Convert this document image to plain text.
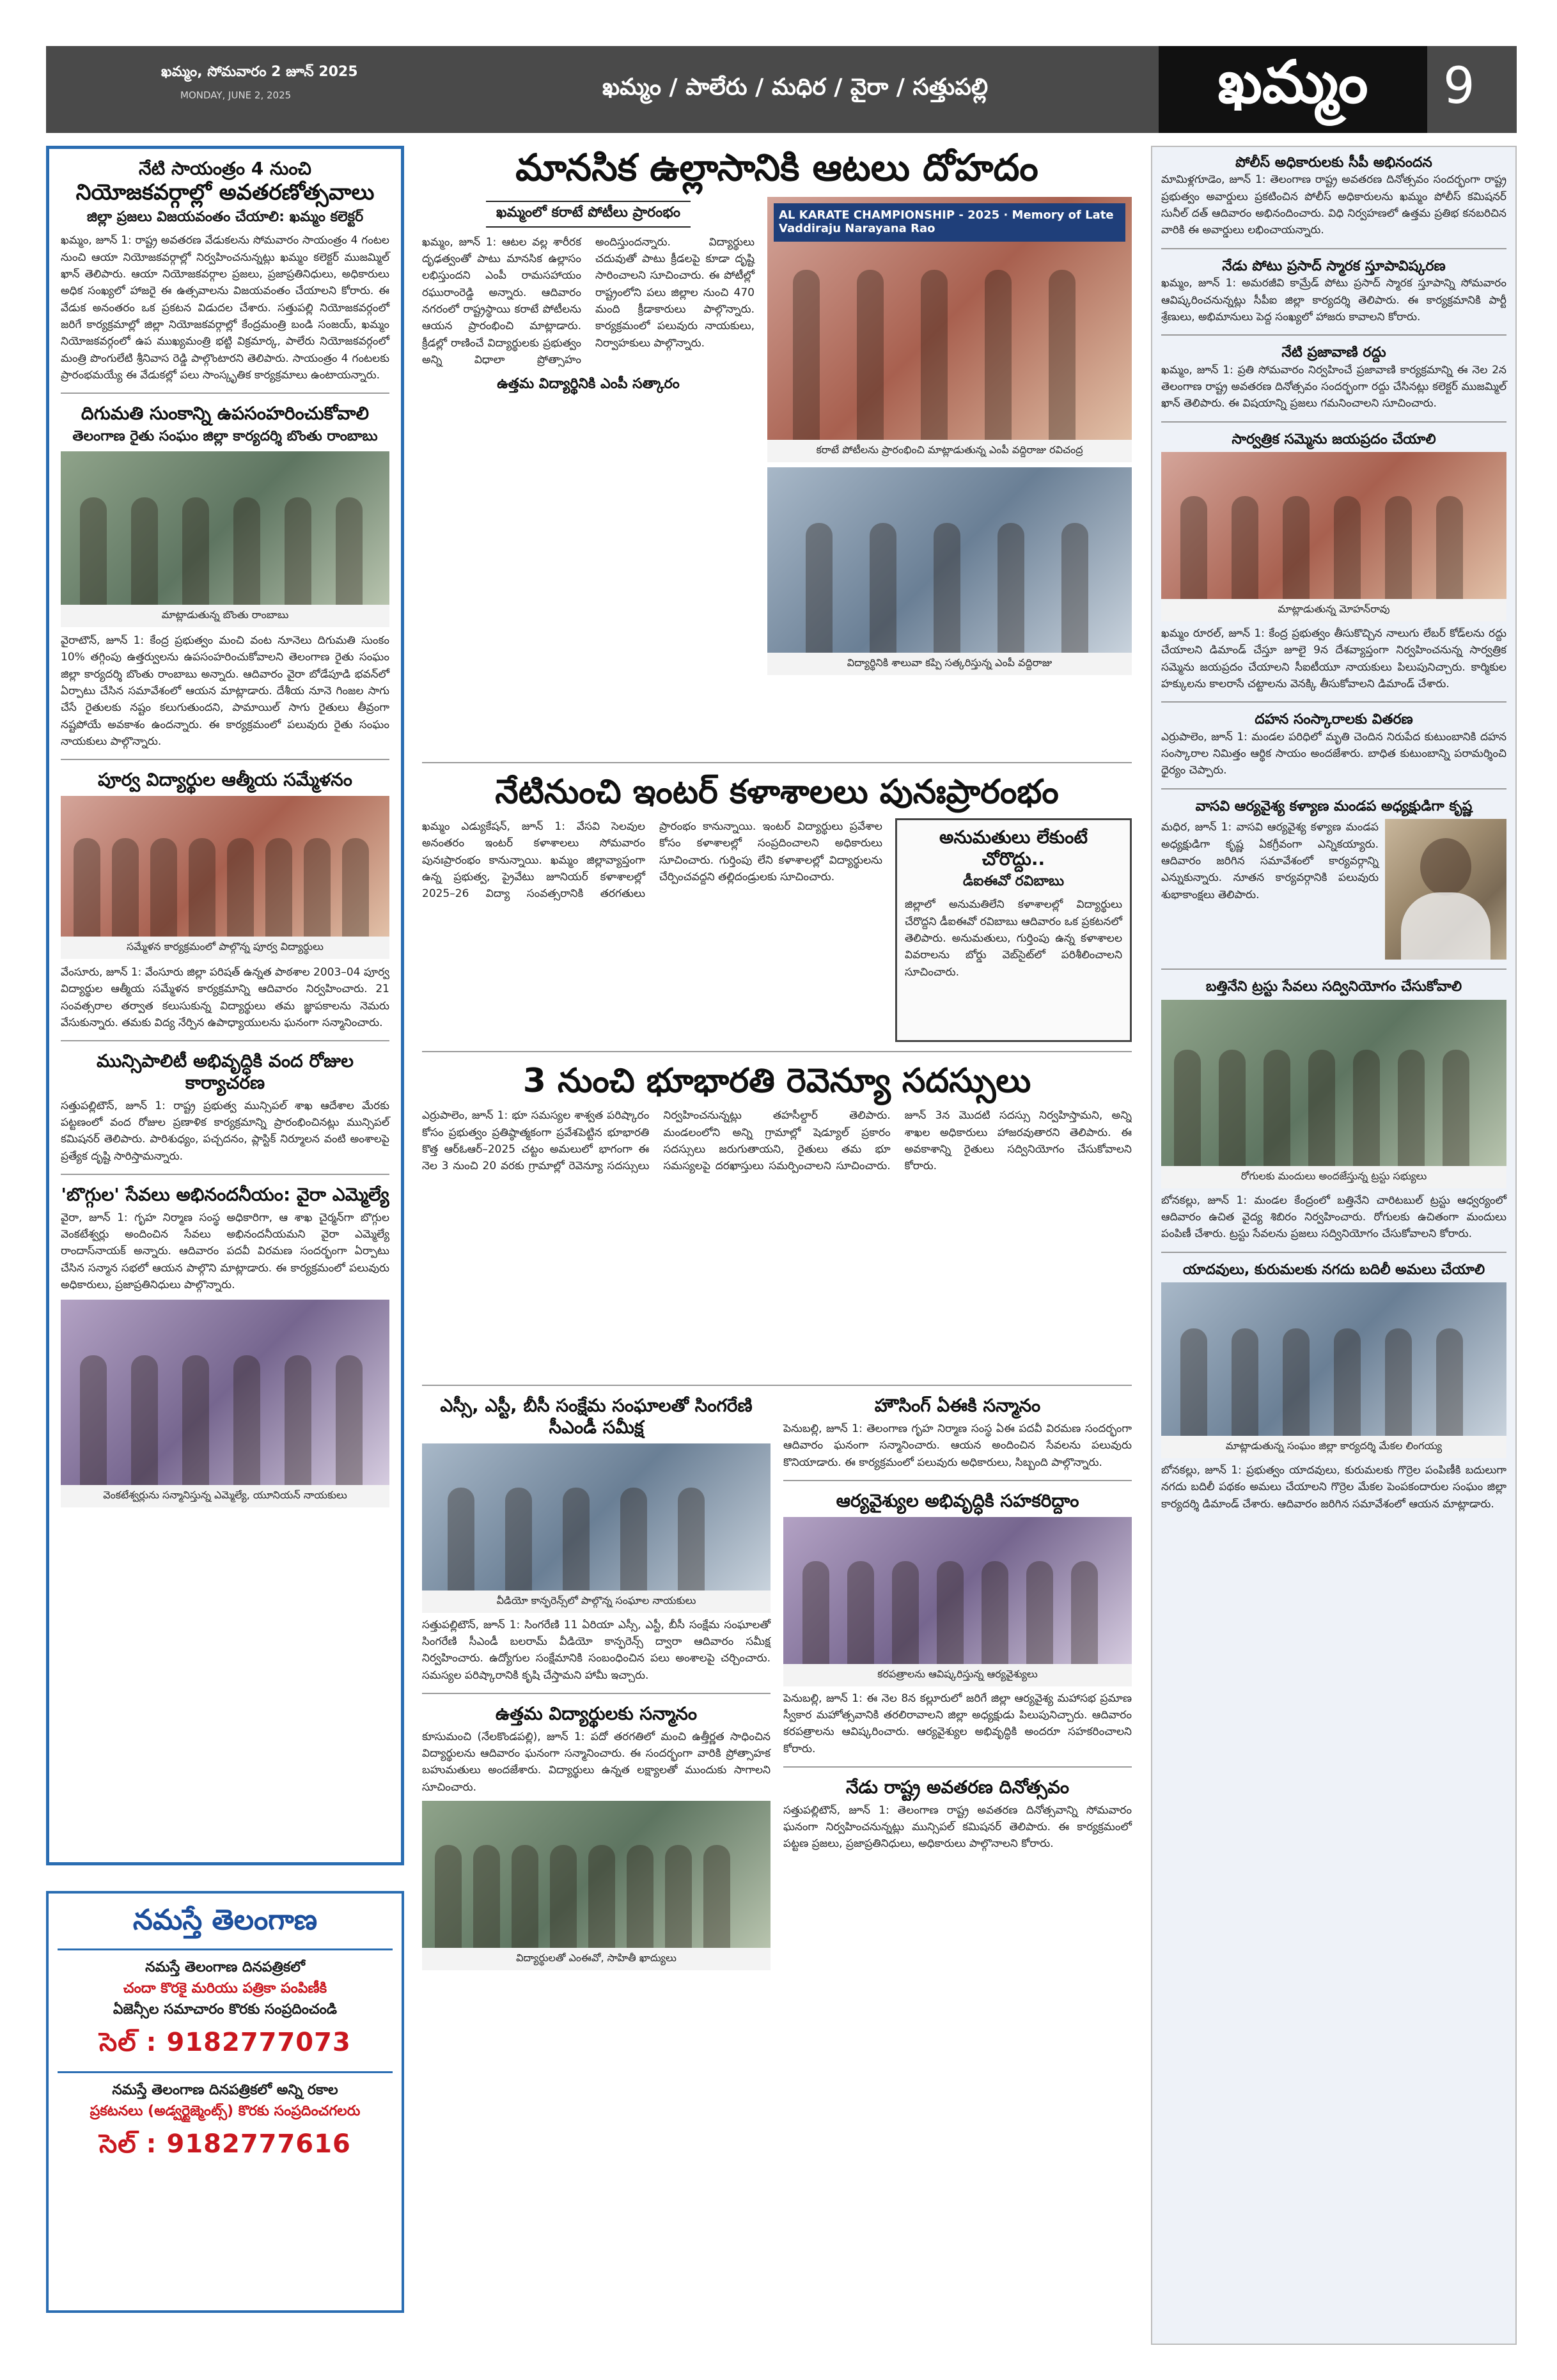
ఖమ్మం, సోమవారం 2 జూన్ 2025
MONDAY, JUNE 2, 2025	ఖమ్మం / పాలేరు / మధిర / వైరా / సత్తుపల్లి	ఖమ్మం 9
నేటి సాయంత్రం 4 నుంచి
నియోజకవర్గాల్లో అవతరణోత్సవాలు
జిల్లా ప్రజలు విజయవంతం చేయాలి: ఖమ్మం కలెక్టర్
ఖమ్మం, జూన్ 1: రాష్ట్ర అవతరణ వేడుకలను సోమవారం సాయంత్రం 4 గంటల నుంచి ఆయా నియోజకవర్గాల్లో నిర్వహించనున్నట్లు ఖమ్మం కలెక్టర్ ముజమ్మిల్ ఖాన్ తెలిపారు. ఆయా నియోజకవర్గాల ప్రజలు, ప్రజాప్రతినిధులు, అధికారులు అధిక సంఖ్యలో హాజరై ఈ ఉత్సవాలను విజయవంతం చేయాలని కోరారు. ఈ వేడుక అనంతరం ఒక ప్రకటన విడుదల చేశారు. సత్తుపల్లి నియోజకవర్గంలో జరిగే కార్యక్రమాల్లో జిల్లా నియోజకవర్గాల్లో కేంద్రమంత్రి బండి సంజయ్, ఖమ్మం నియోజకవర్గంలో ఉప ముఖ్యమంత్రి భట్టి విక్రమార్క, పాలేరు నియోజకవర్గంలో మంత్రి పొంగులేటి శ్రీనివాస రెడ్డి పాల్గొంటారని తెలిపారు. సాయంత్రం 4 గంటలకు ప్రారంభమయ్యే ఈ వేడుకల్లో పలు సాంస్కృతిక కార్యక్రమాలు ఉంటాయన్నారు.
దిగుమతి సుంకాన్ని ఉపసంహరించుకోవాలి
తెలంగాణ రైతు సంఘం జిల్లా కార్యదర్శి బొంతు రాంబాబు
మాట్లాడుతున్న బొంతు రాంబాబు
వైరాటౌన్, జూన్ 1: కేంద్ర ప్రభుత్వం మంచి వంట నూనెలు దిగుమతి సుంకం 10% తగ్గింపు ఉత్తర్వులను ఉపసంహరించుకోవాలని తెలంగాణ రైతు సంఘం జిల్లా కార్యదర్శి బొంతు రాంబాబు అన్నారు. ఆదివారం వైరా బోడేపూడి భవన్‌లో ఏర్పాటు చేసిన సమావేశంలో ఆయన మాట్లాడారు. దేశీయ నూనె గింజల సాగు చేసే రైతులకు నష్టం కలుగుతుందని, పామాయిల్ సాగు రైతులు తీవ్రంగా నష్టపోయే అవకాశం ఉందన్నారు. ఈ కార్యక్రమంలో పలువురు రైతు సంఘం నాయకులు పాల్గొన్నారు.
పూర్వ విద్యార్థుల ఆత్మీయ సమ్మేళనం
సమ్మేళన కార్యక్రమంలో పాల్గొన్న పూర్వ విద్యార్థులు
వేంసూరు, జూన్ 1: వేంసూరు జిల్లా పరిషత్ ఉన్నత పాఠశాల 2003–04 పూర్వ విద్యార్థుల ఆత్మీయ సమ్మేళన కార్యక్రమాన్ని ఆదివారం నిర్వహించారు. 21 సంవత్సరాల తర్వాత కలుసుకున్న విద్యార్థులు తమ జ్ఞాపకాలను నెమరు వేసుకున్నారు. తమకు విద్య నేర్పిన ఉపాధ్యాయులను ఘనంగా సన్మానించారు.
మున్సిపాలిటీ అభివృద్ధికి వంద రోజుల కార్యాచరణ
సత్తుపల్లిటౌన్, జూన్ 1: రాష్ట్ర ప్రభుత్వ మున్సిపల్ శాఖ ఆదేశాల మేరకు పట్టణంలో వంద రోజుల ప్రణాళిక కార్యక్రమాన్ని ప్రారంభించినట్లు మున్సిపల్ కమిషనర్ తెలిపారు. పారిశుధ్యం, పచ్చదనం, ప్లాస్టిక్ నిర్మూలన వంటి అంశాలపై ప్రత్యేక దృష్టి సారిస్తామన్నారు.
'బొగ్గుల' సేవలు అభినందనీయం: వైరా ఎమ్మెల్యే
వైరా, జూన్ 1: గృహ నిర్మాణ సంస్థ అధికారిగా, ఆ శాఖ చైర్మన్‌గా బొగ్గుల వెంకటేశ్వర్లు అందించిన సేవలు అభినందనీయమని వైరా ఎమ్మెల్యే రాందాస్‌నాయక్ అన్నారు. ఆదివారం పదవీ విరమణ సందర్భంగా ఏర్పాటు చేసిన సన్మాన సభలో ఆయన పాల్గొని మాట్లాడారు. ఈ కార్యక్రమంలో పలువురు అధికారులు, ప్రజాప్రతినిధులు పాల్గొన్నారు.
వెంకటేశ్వర్లును సన్మానిస్తున్న ఎమ్మెల్యే, యూనియన్ నాయకులు
నమస్తే తెలంగాణ
నమస్తే తెలంగాణ దినపత్రికలో
చందా కొరకై మరియు పత్రికా పంపిణీకి
ఏజెన్సీల సమాచారం కొరకు సంప్రదించండి
సెల్ : 9182777073
నమస్తే తెలంగాణ దినపత్రికలో అన్ని రకాల
ప్రకటనలు (అడ్వర్టైజ్మెంట్స్) కొరకు సంప్రదించగలరు
సెల్ : 9182777616
మానసిక ఉల్లాసానికి ఆటలు దోహదం
ఖమ్మంలో కరాటే పోటీలు ప్రారంభం
ఖమ్మం, జూన్ 1: ఆటల వల్ల శారీరక దృఢత్వంతో పాటు మానసిక ఉల్లాసం లభిస్తుందని ఎంపీ రామసహాయం రఘురాంరెడ్డి అన్నారు. ఆదివారం నగరంలో రాష్ట్రస్థాయి కరాటే పోటీలను ఆయన ప్రారంభించి మాట్లాడారు. క్రీడల్లో రాణించే విద్యార్థులకు ప్రభుత్వం అన్ని విధాలా ప్రోత్సాహం అందిస్తుందన్నారు. విద్యార్థులు చదువుతో పాటు క్రీడలపై కూడా దృష్టి సారించాలని సూచించారు. ఈ పోటీల్లో రాష్ట్రంలోని పలు జిల్లాల నుంచి 470 మంది క్రీడాకారులు పాల్గొన్నారు. కార్యక్రమంలో పలువురు నాయకులు, నిర్వాహకులు పాల్గొన్నారు.
ఉత్తమ విద్యార్థినికి ఎంపీ సత్కారం
AL KARATE CHAMPIONSHIP - 2025 · Memory of Late Vaddiraju Narayana Rao
కరాటే పోటీలను ప్రారంభించి మాట్లాడుతున్న ఎంపీ వద్దిరాజు రవిచంద్ర
విద్యార్థినికి శాలువా కప్పి సత్కరిస్తున్న ఎంపీ వద్దిరాజు
నేటినుంచి ఇంటర్ కళాశాలలు పునఃప్రారంభం
ఖమ్మం ఎడ్యుకేషన్, జూన్ 1: వేసవి సెలవుల అనంతరం ఇంటర్ కళాశాలలు సోమవారం పునఃప్రారంభం కానున్నాయి. ఖమ్మం జిల్లావ్యాప్తంగా ఉన్న ప్రభుత్వ, ప్రైవేటు జూనియర్ కళాశాలల్లో 2025–26 విద్యా సంవత్సరానికి తరగతులు ప్రారంభం కానున్నాయి. ఇంటర్ విద్యార్థులు ప్రవేశాల కోసం కళాశాలల్లో సంప్రదించాలని అధికారులు సూచించారు. గుర్తింపు లేని కళాశాలల్లో విద్యార్థులను చేర్పించవద్దని తల్లిదండ్రులకు సూచించారు.
అనుమతులు లేకుంటే చోరొద్దు..
డీఐఈవో రవిబాబు
జిల్లాలో అనుమతిలేని కళాశాలల్లో విద్యార్థులు చేరొద్దని డీఐఈవో రవిబాబు ఆదివారం ఒక ప్రకటనలో తెలిపారు. అనుమతులు, గుర్తింపు ఉన్న కళాశాలల వివరాలను బోర్డు వెబ్‌సైట్‌లో పరిశీలించాలని సూచించారు.
3 నుంచి భూభారతి రెవెన్యూ సదస్సులు
ఎర్రుపాలెం, జూన్ 1: భూ సమస్యల శాశ్వత పరిష్కారం కోసం ప్రభుత్వం ప్రతిష్ఠాత్మకంగా ప్రవేశపెట్టిన భూభారతి కొత్త ఆర్ఓఆర్–2025 చట్టం అమలులో భాగంగా ఈ నెల 3 నుంచి 20 వరకు గ్రామాల్లో రెవెన్యూ సదస్సులు నిర్వహించనున్నట్లు తహసీల్దార్ తెలిపారు. మండలంలోని అన్ని గ్రామాల్లో షెడ్యూల్ ప్రకారం సదస్సులు జరుగుతాయని, రైతులు తమ భూ సమస్యలపై దరఖాస్తులు సమర్పించాలని సూచించారు. జూన్ 3న మొదటి సదస్సు నిర్వహిస్తామని, అన్ని శాఖల అధికారులు హాజరవుతారని తెలిపారు. ఈ అవకాశాన్ని రైతులు సద్వినియోగం చేసుకోవాలని కోరారు.
ఎస్సీ, ఎస్టీ, బీసీ సంక్షేమ సంఘాలతో సింగరేణి సీఎండీ సమీక్ష
వీడియో కాన్ఫరెన్స్‌లో పాల్గొన్న సంఘాల నాయకులు
సత్తుపల్లిటౌన్, జూన్ 1: సింగరేణి 11 ఏరియా ఎస్సీ, ఎస్టీ, బీసీ సంక్షేమ సంఘాలతో సింగరేణి సీఎండీ బలరామ్ వీడియో కాన్ఫరెన్స్ ద్వారా ఆదివారం సమీక్ష నిర్వహించారు. ఉద్యోగుల సంక్షేమానికి సంబంధించిన పలు అంశాలపై చర్చించారు. సమస్యల పరిష్కారానికి కృషి చేస్తామని హామీ ఇచ్చారు.
ఉత్తమ విద్యార్థులకు సన్మానం
కూసుమంచి (నేలకొండపల్లి), జూన్ 1: పదో తరగతిలో మంచి ఉత్తీర్ణత సాధించిన విద్యార్థులను ఆదివారం ఘనంగా సన్మానించారు. ఈ సందర్భంగా వారికి ప్రోత్సాహక బహుమతులు అందజేశారు. విద్యార్థులు ఉన్నత లక్ష్యాలతో ముందుకు సాగాలని సూచించారు.
విద్యార్థులతో ఎంఈవో, సాహితీ ఖాద్యులు
హౌసింగ్ ఏఈకి సన్మానం
పెనుబల్లి, జూన్ 1: తెలంగాణ గృహ నిర్మాణ సంస్థ ఏఈ పదవీ విరమణ సందర్భంగా ఆదివారం ఘనంగా సన్మానించారు. ఆయన అందించిన సేవలను పలువురు కొనియాడారు. ఈ కార్యక్రమంలో పలువురు అధికారులు, సిబ్బంది పాల్గొన్నారు.
ఆర్యవైశ్యుల అభివృద్ధికి సహకరిద్దాం
కరపత్రాలను ఆవిష్కరిస్తున్న ఆర్యవైశ్యులు
పెనుబల్లి, జూన్ 1: ఈ నెల 8న కల్లూరులో జరిగే జిల్లా ఆర్యవైశ్య మహాసభ ప్రమాణ స్వీకార మహోత్సవానికి తరలిరావాలని జిల్లా అధ్యక్షుడు పిలుపునిచ్చారు. ఆదివారం కరపత్రాలను ఆవిష్కరించారు. ఆర్యవైశ్యుల అభివృద్ధికి అందరూ సహకరించాలని కోరారు.
నేడు రాష్ట్ర అవతరణ దినోత్సవం
సత్తుపల్లిటౌన్, జూన్ 1: తెలంగాణ రాష్ట్ర అవతరణ దినోత్సవాన్ని సోమవారం ఘనంగా నిర్వహించనున్నట్లు మున్సిపల్ కమిషనర్ తెలిపారు. ఈ కార్యక్రమంలో పట్టణ ప్రజలు, ప్రజాప్రతినిధులు, అధికారులు పాల్గొనాలని కోరారు.
పోలీస్ అధికారులకు సీపీ అభినందన
మామిళ్లగూడెం, జూన్ 1: తెలంగాణ రాష్ట్ర అవతరణ దినోత్సవం సందర్భంగా రాష్ట్ర ప్రభుత్వం అవార్డులు ప్రకటించిన పోలీస్ అధికారులను ఖమ్మం పోలీస్ కమిషనర్ సునీల్ దత్ ఆదివారం అభినందించారు. విధి నిర్వహణలో ఉత్తమ ప్రతిభ కనబరిచిన వారికి ఈ అవార్డులు లభించాయన్నారు.
నేడు పోటు ప్రసాద్ స్మారక స్తూపావిష్కరణ
ఖమ్మం, జూన్ 1: అమరజీవి కామ్రేడ్ పోటు ప్రసాద్ స్మారక స్తూపాన్ని సోమవారం ఆవిష్కరించనున్నట్లు సీపీఐ జిల్లా కార్యదర్శి తెలిపారు. ఈ కార్యక్రమానికి పార్టీ శ్రేణులు, అభిమానులు పెద్ద సంఖ్యలో హాజరు కావాలని కోరారు.
నేటి ప్రజావాణి రద్దు
ఖమ్మం, జూన్ 1: ప్రతి సోమవారం నిర్వహించే ప్రజావాణి కార్యక్రమాన్ని ఈ నెల 2న తెలంగాణ రాష్ట్ర అవతరణ దినోత్సవం సందర్భంగా రద్దు చేసినట్లు కలెక్టర్ ముజమ్మిల్ ఖాన్ తెలిపారు. ఈ విషయాన్ని ప్రజలు గమనించాలని సూచించారు.
సార్వత్రిక సమ్మెను జయప్రదం చేయాలి
మాట్లాడుతున్న మోహన్‌రావు
ఖమ్మం రూరల్, జూన్ 1: కేంద్ర ప్రభుత్వం తీసుకొచ్చిన నాలుగు లేబర్ కోడ్‌లను రద్దు చేయాలని డిమాండ్ చేస్తూ జూలై 9న దేశవ్యాప్తంగా నిర్వహించనున్న సార్వత్రిక సమ్మెను జయప్రదం చేయాలని సీఐటీయూ నాయకులు పిలుపునిచ్చారు. కార్మికుల హక్కులను కాలరాసే చట్టాలను వెనక్కి తీసుకోవాలని డిమాండ్ చేశారు.
దహన సంస్కారాలకు వితరణ
ఎర్రుపాలెం, జూన్ 1: మండల పరిధిలో మృతి చెందిన నిరుపేద కుటుంబానికి దహన సంస్కారాల నిమిత్తం ఆర్థిక సాయం అందజేశారు. బాధిత కుటుంబాన్ని పరామర్శించి ధైర్యం చెప్పారు.
వాసవి ఆర్యవైశ్య కళ్యాణ మండప అధ్యక్షుడిగా కృష్ణ
మధిర, జూన్ 1: వాసవి ఆర్యవైశ్య కళ్యాణ మండప అధ్యక్షుడిగా కృష్ణ ఏకగ్రీవంగా ఎన్నికయ్యారు. ఆదివారం జరిగిన సమావేశంలో కార్యవర్గాన్ని ఎన్నుకున్నారు. నూతన కార్యవర్గానికి పలువురు శుభాకాంక్షలు తెలిపారు.
బత్తినేని ట్రస్టు సేవలు సద్వినియోగం చేసుకోవాలి
రోగులకు మందులు అందజేస్తున్న ట్రస్టు సభ్యులు
బోనకల్లు, జూన్ 1: మండల కేంద్రంలో బత్తినేని చారిటబుల్ ట్రస్టు ఆధ్వర్యంలో ఆదివారం ఉచిత వైద్య శిబిరం నిర్వహించారు. రోగులకు ఉచితంగా మందులు పంపిణీ చేశారు. ట్రస్టు సేవలను ప్రజలు సద్వినియోగం చేసుకోవాలని కోరారు.
యాదవులు, కురుమలకు నగదు బదిలీ అమలు చేయాలి
మాట్లాడుతున్న సంఘం జిల్లా కార్యదర్శి మేకల లింగయ్య
బోనకల్లు, జూన్ 1: ప్రభుత్వం యాదవులు, కురుమలకు గొర్రెల పంపిణీకి బదులుగా నగదు బదిలీ పథకం అమలు చేయాలని గొర్రెల మేకల పెంపకందారుల సంఘం జిల్లా కార్యదర్శి డిమాండ్ చేశారు. ఆదివారం జరిగిన సమావేశంలో ఆయన మాట్లాడారు.
